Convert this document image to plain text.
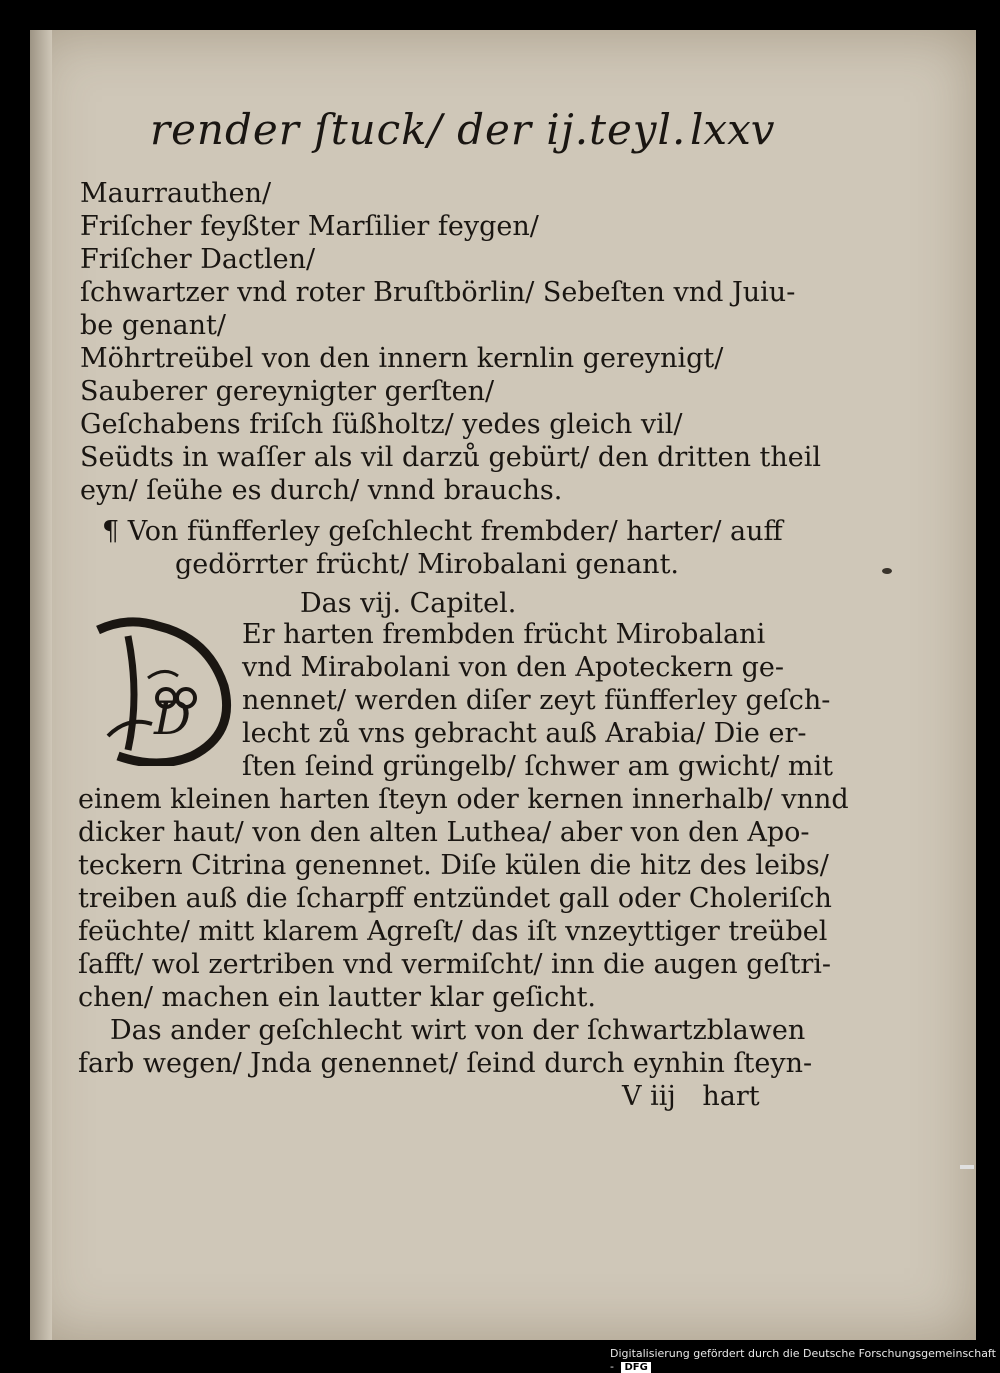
render ſtuck/ der ij.teyl. lxxv
Maurrauthen/
Friſcher feyßter Marſilier feygen/
Friſcher Dactlen/
ſchwartzer vnd roter Bruſtbörlin/ Sebeſten vnd Juiu-
be genant/
Möhrtreübel von den innern kernlin gereynigt/
Sauberer gereynigter gerſten/
Geſchabens friſch ſüßholtz/ yedes gleich vil/
Seüdts in waſſer als vil darzů gebürt/ den dritten theil
eyn/ ſeühe es durch/ vnnd brauchs.
¶ Von fünfferley geſchlecht frembder/ harter/ auff
gedörrter frücht/ Mirobalani genant.
Das vij. Capitel.
D
Er harten frembden frücht Mirobalani
vnd Mirabolani von den Apoteckern ge-
nennet/ werden diſer zeyt fünfferley geſch-
lecht zů vns gebracht auß Arabia/ Die er-
ſten ſeind grüngelb/ ſchwer am gwicht/ mit
einem kleinen harten ſteyn oder kernen innerhalb/ vnnd
dicker haut/ von den alten Luthea/ aber von den Apo-
teckern Citrina genennet. Diſe külen die hitz des leibs/
treiben auß die ſcharpff entzündet gall oder Choleriſch
feüchte/ mitt klarem Agreſt/ das iſt vnzeyttiger treübel
ſafft/ wol zertriben vnd vermiſcht/ inn die augen geſtri-
chen/ machen ein lautter klar geſicht.
Das ander geſchlecht wirt von der ſchwartzblawen
farb wegen/ Jnda genennet/ ſeind durch eynhin ſteyn-
V iij hart
Digitalisierung gefördert durch die Deutsche Forschungsgemeinschaft - DFG
